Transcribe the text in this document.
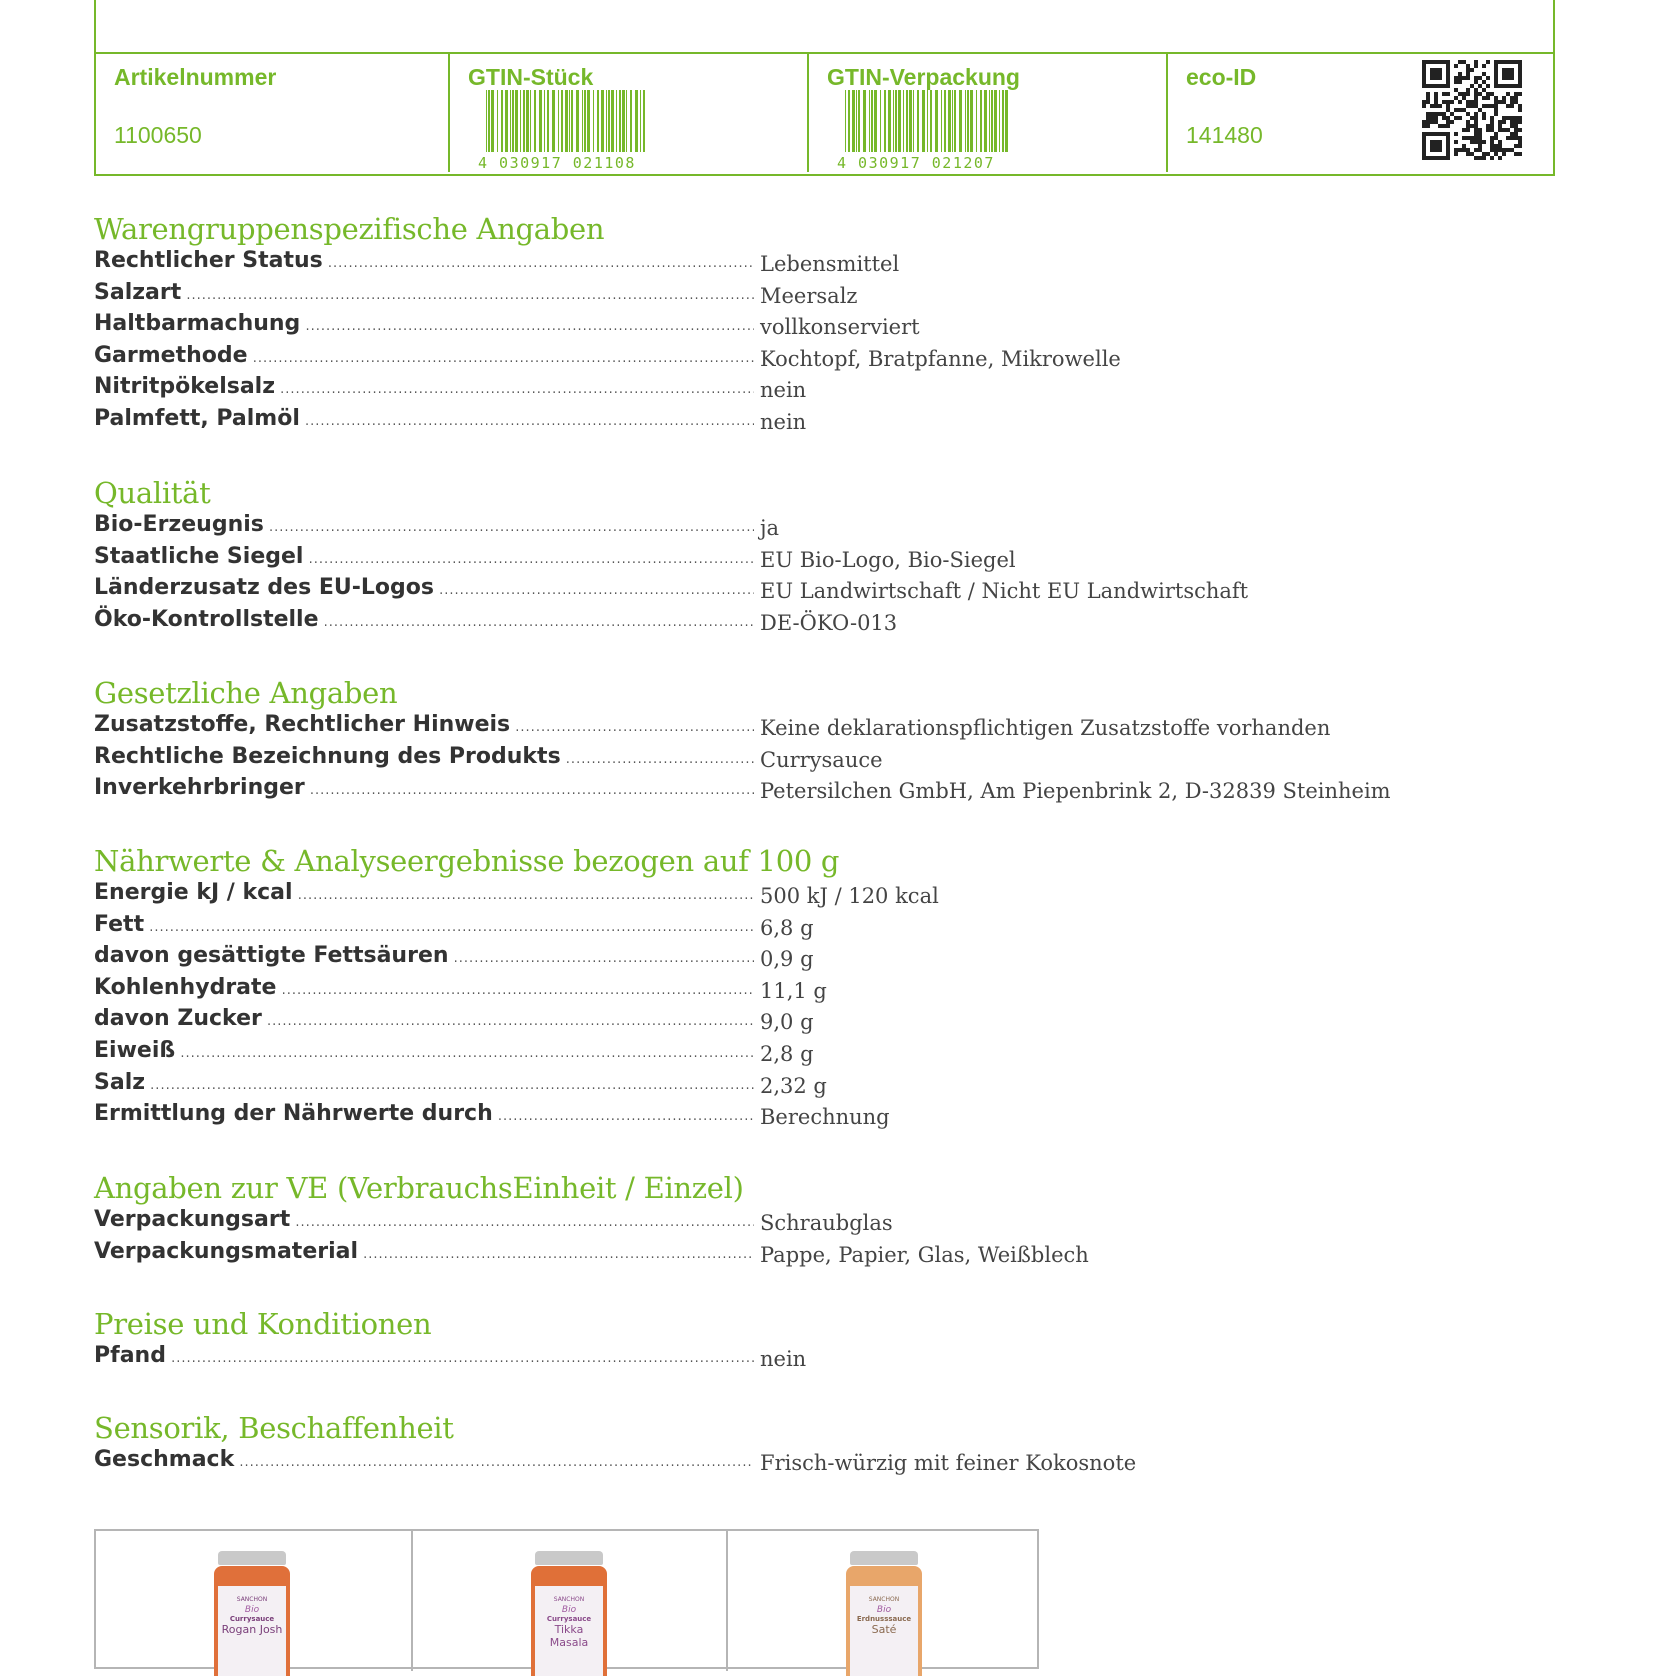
Artikelnummer
1100650
GTIN-Stück
4 030917 021108
GTIN-Verpackung
4 030917 021207
eco-ID
141480
Warengruppenspezifische Angaben
Rechtlicher Status .....	Lebensmittel
Salzart .....	Meersalz
Haltbarmachung .....	vollkonserviert
Garmethode .....	Kochtopf, Bratpfanne, Mikrowelle
Nitritpökelsalz .....	nein
Palmfett, Palmöl .....	nein
Qualität
Bio-Erzeugnis .....	ja
Staatliche Siegel .....	EU Bio-Logo, Bio-Siegel
Länderzusatz des EU-Logos .....	EU Landwirtschaft / Nicht EU Landwirtschaft
Öko-Kontrollstelle .....	DE-ÖKO-013
Gesetzliche Angaben
Zusatzstoffe, Rechtlicher Hinweis .....	Keine deklarationspflichtigen Zusatzstoffe vorhanden
Rechtliche Bezeichnung des Produkts .....	Currysauce
Inverkehrbringer .....	Petersilchen GmbH, Am Piepenbrink 2, D-32839 Steinheim
Nährwerte & Analyseergebnisse bezogen auf 100 g
Energie kJ / kcal .....	500 kJ / 120 kcal
Fett .....	6,8 g
davon gesättigte Fettsäuren .....	0,9 g
Kohlenhydrate .....	11,1 g
davon Zucker .....	9,0 g
Eiweiß .....	2,8 g
Salz .....	2,32 g
Ermittlung der Nährwerte durch .....	Berechnung
Angaben zur VE (VerbrauchsEinheit / Einzel)
Verpackungsart .....	Schraubglas
Verpackungsmaterial .....	Pappe, Papier, Glas, Weißblech
Preise und Konditionen
Pfand .....	nein
Sensorik, Beschaffenheit
Geschmack .....	Frisch-würzig mit feiner Kokosnote
SANCHON
Bio
Currysauce
Rogan Josh
SANCHON
Bio
Currysauce
Tikka Masala
SANCHON
Bio
Erdnusssauce
Saté
